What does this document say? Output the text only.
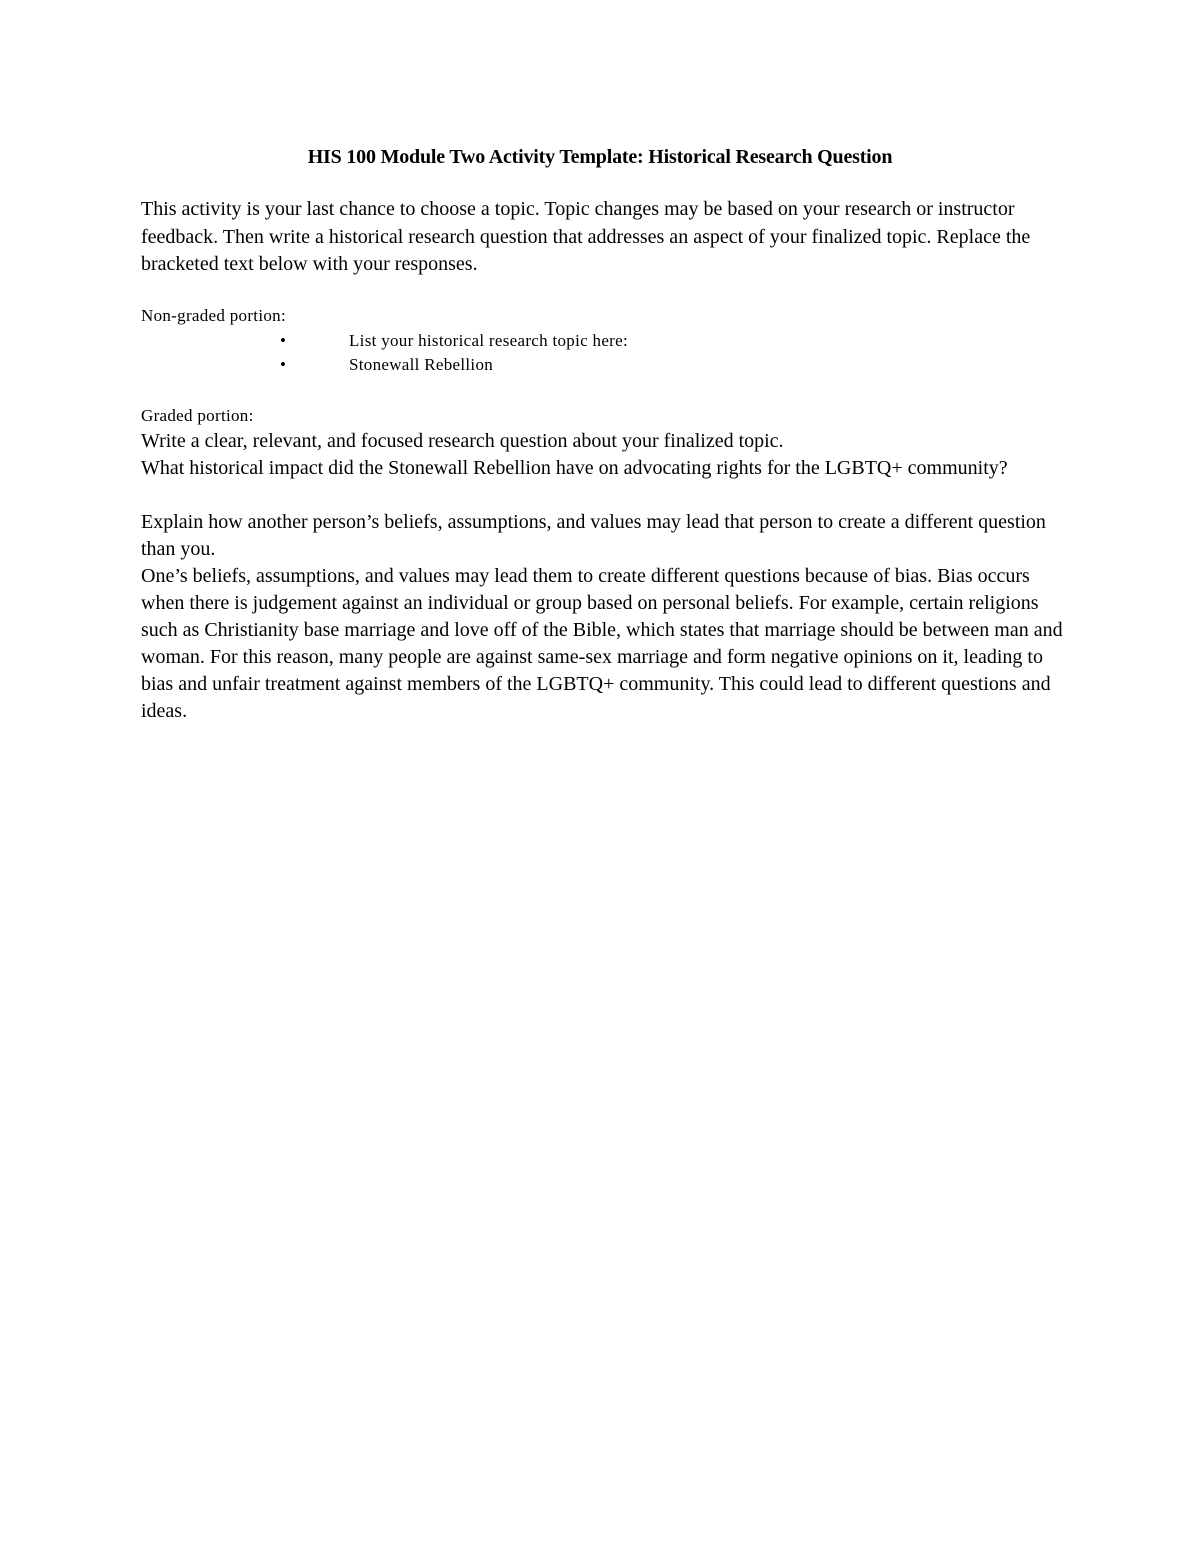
HIS 100 Module Two Activity Template: Historical Research Question
This activity is your last chance to choose a topic. Topic changes may be based on your research or instructor feedback. Then write a historical research question that addresses an aspect of your finalized topic. Replace the bracketed text below with your responses.
Non-graded portion:
•	List your historical research topic here:
•	Stonewall Rebellion
Graded portion:

Write a clear, relevant, and focused research question about your finalized topic.

What historical impact did the Stonewall Rebellion have on advocating rights for the LGBTQ+ community?

Explain how another person’s beliefs, assumptions, and values may lead that person to create a different question than you.

One’s beliefs, assumptions, and values may lead them to create different questions because of bias. Bias occurs when there is judgement against an individual or group based on personal beliefs. For example, certain religions such as Christianity base marriage and love off of the Bible, which states that marriage should be between man and woman. For this reason, many people are against same-sex marriage and form negative opinions on it, leading to bias and unfair treatment against members of the LGBTQ+ community. This could lead to different questions and ideas.
